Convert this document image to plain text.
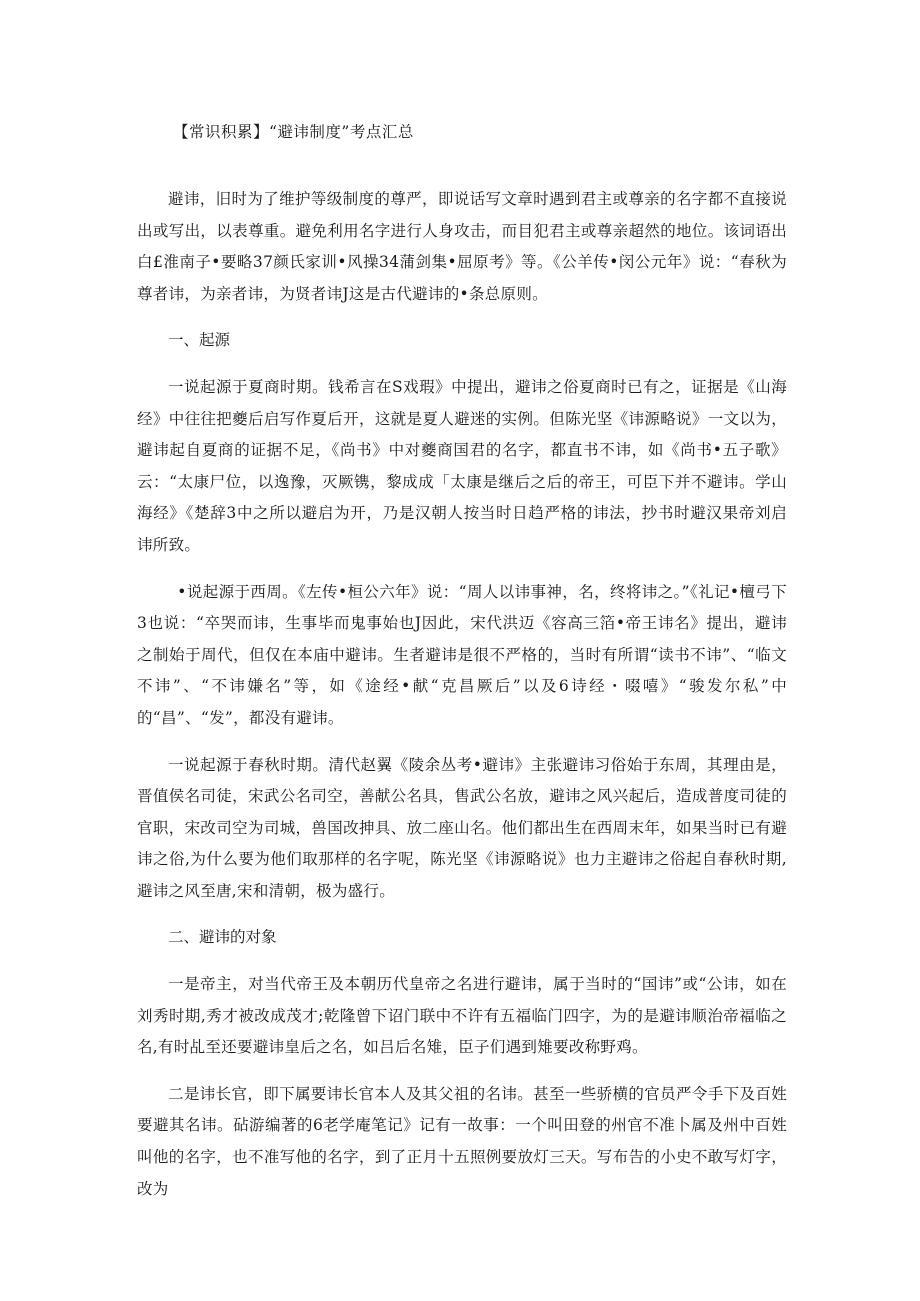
【常识积累】“避讳制度”考点汇总

避讳，旧时为了维护等级制度的尊严，即说话写文章时遇到君主或尊亲的名字都不直接说出或写出，以表尊重。避免利用名字进行人身攻击，而目犯君主或尊亲超然的地位。该词语出白£淮南子•要略37颜氏家训•风操34蒲剑集•屈原考》等。《公羊传•闵公元年》说：“春秋为尊者讳，为亲者讳，为贤者讳J这是古代避讳的•条总原则。

一、起源

一说起源于夏商时期。钱希言在S戏瑕》中提出，避讳之俗夏商时已有之，证据是《山海经》中往往把夔后启写作夏后开，这就是夏人避迷的实例。但陈光坚《讳源略说》一文以为，避讳起自夏商的证据不足，《尚书》中对夔商国君的名字，都直书不讳，如《尚书•五子歌》云：“太康尸位，以逸豫，灭厥镌，黎成成「太康是继后之后的帝王，可臣下并不避讳。学山海经》《楚辞3中之所以避启为开，乃是汉朝人按当时日趋严格的讳法，抄书时避汉果帝刘启讳所致。

•说起源于西周。《左传•桓公六年》说：“周人以讳事神，名，终将讳之。”《礼记•檀弓下3也说：“卒哭而讳，生事毕而鬼事始也J因此，宋代洪迈《容高三箔•帝王讳名》提出，避讳之制始于周代，但仅在本庙中避讳。生者避讳是很不严格的，当时有所谓“读书不讳”、“临文不讳”、“不讳嫌名”等，如《途经•献“克昌厥后”以及6诗经・啜嘻》“骏发尔私”中的“昌”、“发”，都没有避讳。

一说起源于春秋时期。清代赵翼《陵余丛考•避讳》主张避讳习俗始于东周，其理由是，晋值侯名司徒，宋武公名司空，善献公名具，售武公名放，避讳之风兴起后，造成普度司徒的官职，宋改司空为司城，兽国改抻具、放二座山名。他们都出生在西周末年，如果当时已有避讳之俗,为什么要为他们取那样的名字呢，陈光坚《讳源略说》也力主避讳之俗起自春秋时期,避讳之风至唐,宋和清朝，极为盛行。

二、避讳的对象

一是帝主，对当代帝王及本朝历代皇帝之名进行避讳，属于当时的“国讳”或“公讳，如在刘秀时期,秀才被改成茂才;乾隆曾下诏门联中不许有五福临门四字，为的是避讳顺治帝福临之名,有时乩至还要避讳皇后之名，如吕后名雉，臣子们遇到雉要改称野鸡。

二是讳长官，即下属要讳长官本人及其父祖的名讳。甚至一些骄横的官员严令手下及百姓要避其名讳。砧游编著的6老学庵笔记》记有一故事：一个叫田登的州官不准卜属及州中百姓叫他的名字，也不准写他的名字，到了正月十五照例要放灯三天。写布告的小史不敢写灯字，改为
